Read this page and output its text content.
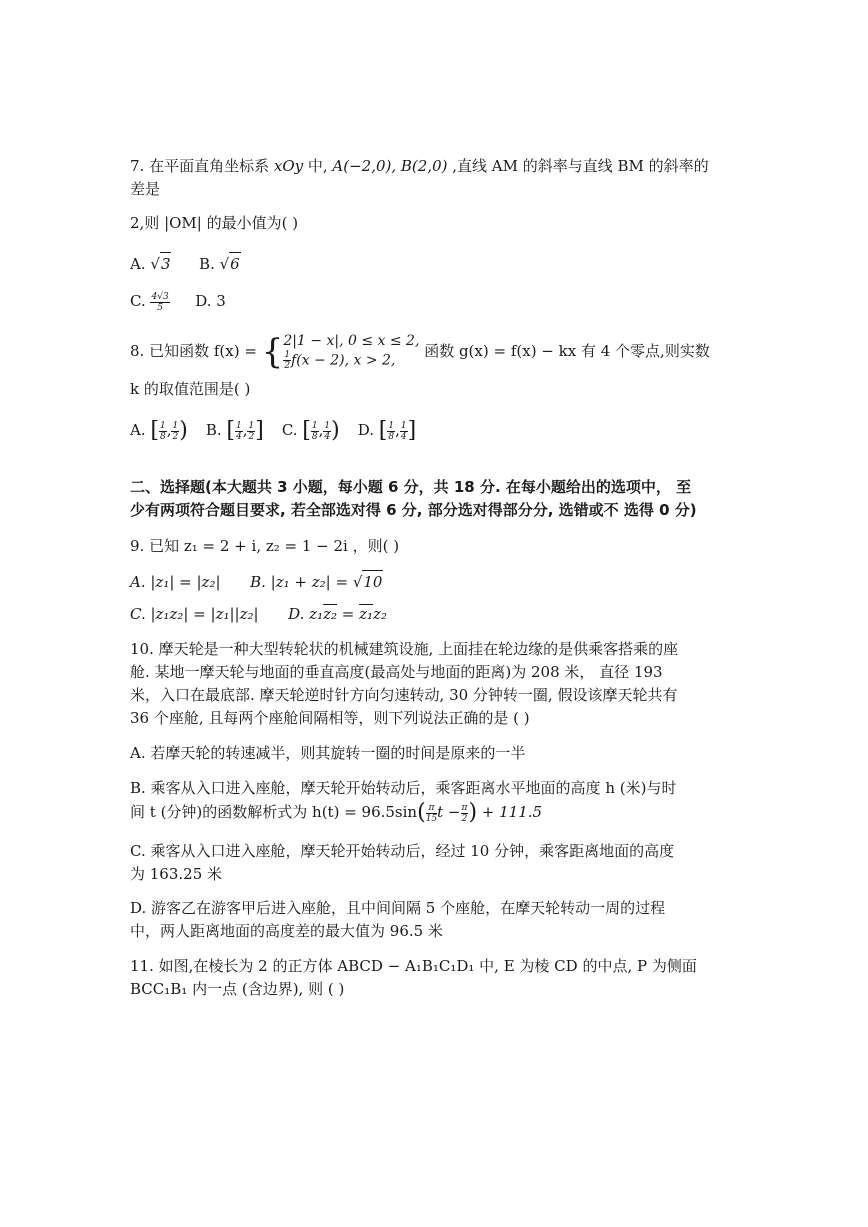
7. 在平面直角坐标系 xOy 中, A(−2,0), B(2,0) ,直线 AM 的斜率与直线 BM 的斜率的
差是
2,则 |OM| 的最小值为( )
A. √3 B. √6
C. $\frac{4√3}{5} D$. 3
8. 已知函数 f(x) = { 2|1 − x|, 0 ≤ x ≤ 2,
$\frac{1}{2} f(x - 2)$, x > 2,
函数 g(x) = f(x) − kx 有 4 个零点,则实数
k 的取值范围是( )
A. [ $\frac{1}{8}$ , $\frac{1}{2}$ ) B. [ $\frac{1}{4}$ , $\frac{1}{2}$ ] C. [ $\frac{1}{8}$ , $\frac{1}{4}$ ) D. [ $\frac{1}{8}$ , $\frac{1}{4}$ ]
二、选择题(本大题共 3 小题，每小题 6 分，共 18 分. 在每小题给出的选项中， 至
少有两项符合题目要求, 若全部选对得 6 分, 部分选对得部分分, 选错或不 选得 0 分)
9. 已知 z₁ = 2 + i, z₂ = 1 − 2i ，则( )
A. |z₁| = |z₂| B. |z₁ + z₂| = √10
C. |z₁z₂| = |z₁||z₂| D. z₁z₂ = z₁z₂
10. 摩天轮是一种大型转轮状的机械建筑设施, 上面挂在轮边缘的是供乘客搭乘的座
舱. 某地一摩天轮与地面的垂直高度(最高处与地面的距离)为 208 米， 直径 193
米，入口在最底部. 摩天轮逆时针方向匀速转动, 30 分钟转一圈, 假设该摩天轮共有
36 个座舱, 且每两个座舱间隔相等，则下列说法正确的是 ( )
A. 若摩天轮的转速减半，则其旋转一圈的时间是原来的一半
B. 乘客从入口进入座舱，摩天轮开始转动后，乘客距离水平地面的高度 h (米)与时
间 t (分钟)的函数解析式为 $h(t) = 96.5\sin( \frac{\pi}{15}$ $t - \frac{\pi}{2}$ ) + 111.5
C. 乘客从入口进入座舱，摩天轮开始转动后，经过 10 分钟，乘客距离地面的高度
为 163.25 米
D. 游客乙在游客甲后进入座舱，且中间间隔 5 个座舱，在摩天轮转动一周的过程
中，两人距离地面的高度差的最大值为 96.5 米
11. 如图,在棱长为 2 的正方体 ABCD − A₁B₁C₁D₁ 中, E 为棱 CD 的中点, P 为侧面
BCC₁B₁ 内一点 (含边界), 则 ( )
